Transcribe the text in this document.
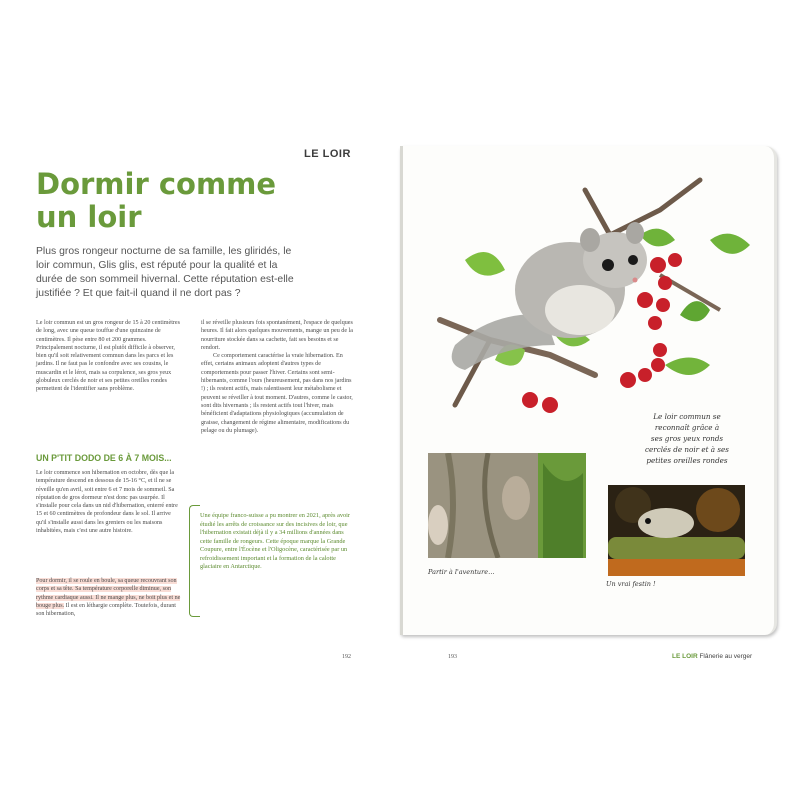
LE LOIR
Dormir comme
un loir
Plus gros rongeur nocturne de sa famille, les gliridés, le loir commun, Glis glis, est réputé pour la qualité et la durée de son sommeil hivernal. Cette réputation est-elle justifiée ? Et que fait-il quand il ne dort pas ?
Le loir commun est un gros rongeur de 15 à 20 centimètres de long, avec une queue touffue d'une quinzaine de centimètres. Il pèse entre 80 et 200 grammes. Principalement nocturne, il est plutôt difficile à observer, bien qu'il soit relativement commun dans les parcs et les jardins. Il ne faut pas le confondre avec ses cousins, le muscardin et le lérot, mais sa corpulence, ses gros yeux globuleux cerclés de noir et ses petites oreilles rondes permettent de l'identifier sans problème.
UN P'TIT DODO DE 6 À 7 MOIS...
Le loir commence son hibernation en octobre, dès que la température descend en dessous de 15-16 °C, et il ne se réveille qu'en avril, soit entre 6 et 7 mois de sommeil. Sa réputation de gros dormeur n'est donc pas usurpée. Il s'installe pour cela dans un nid d'hibernation, enterré entre 15 et 60 centimètres de profondeur dans le sol. Il arrive qu'il s'installe aussi dans les greniers ou les maisons inhabitées, mais c'est une autre histoire.
Pour dormir, il se roule en boule, sa queue recouvrant son corps et sa tête. Sa température corporelle diminue, son rythme cardiaque aussi. Il ne mange plus, ne boit plus et ne bouge plus. Il est en léthargie complète. Toutefois, durant son hibernation,
il se réveille plusieurs fois spontanément, l'espace de quelques heures. Il fait alors quelques mouvements, mange un peu de la nourriture stockée dans sa cachette, fait ses besoins et se rendort.
Ce comportement caractérise la vraie hibernation. En effet, certains animaux adoptent d'autres types de comportements pour passer l'hiver. Certains sont semi-hibernants, comme l'ours (heureusement, pas dans nos jardins !) ; ils restent actifs, mais ralentissent leur métabolisme et peuvent se réveiller à tout moment. D'autres, comme le castor, sont dits hivernants ; ils restent actifs tout l'hiver, mais bénéficient d'adaptations physiologiques (accumulation de graisse, changement de régime alimentaire, modifications du pelage ou du plumage).
Une équipe franco-suisse a pu montrer en 2021, après avoir étudié les arrêts de croissance sur des incisives de loir, que l'hibernation existait déjà il y a 34 millions d'années dans cette famille de rongeurs. Cette époque marque la Grande Coupure, entre l'Éocène et l'Oligocène, caractérisée par un refroidissement important et la formation de la calotte glaciaire en Antarctique.
192
Le loir commun se
reconnaît grâce à
ses gros yeux ronds
cerclés de noir et à ses
petites oreilles rondes
Partir à l'aventure…
Un vrai festin !
193	LE LOIR Flânerie au verger
